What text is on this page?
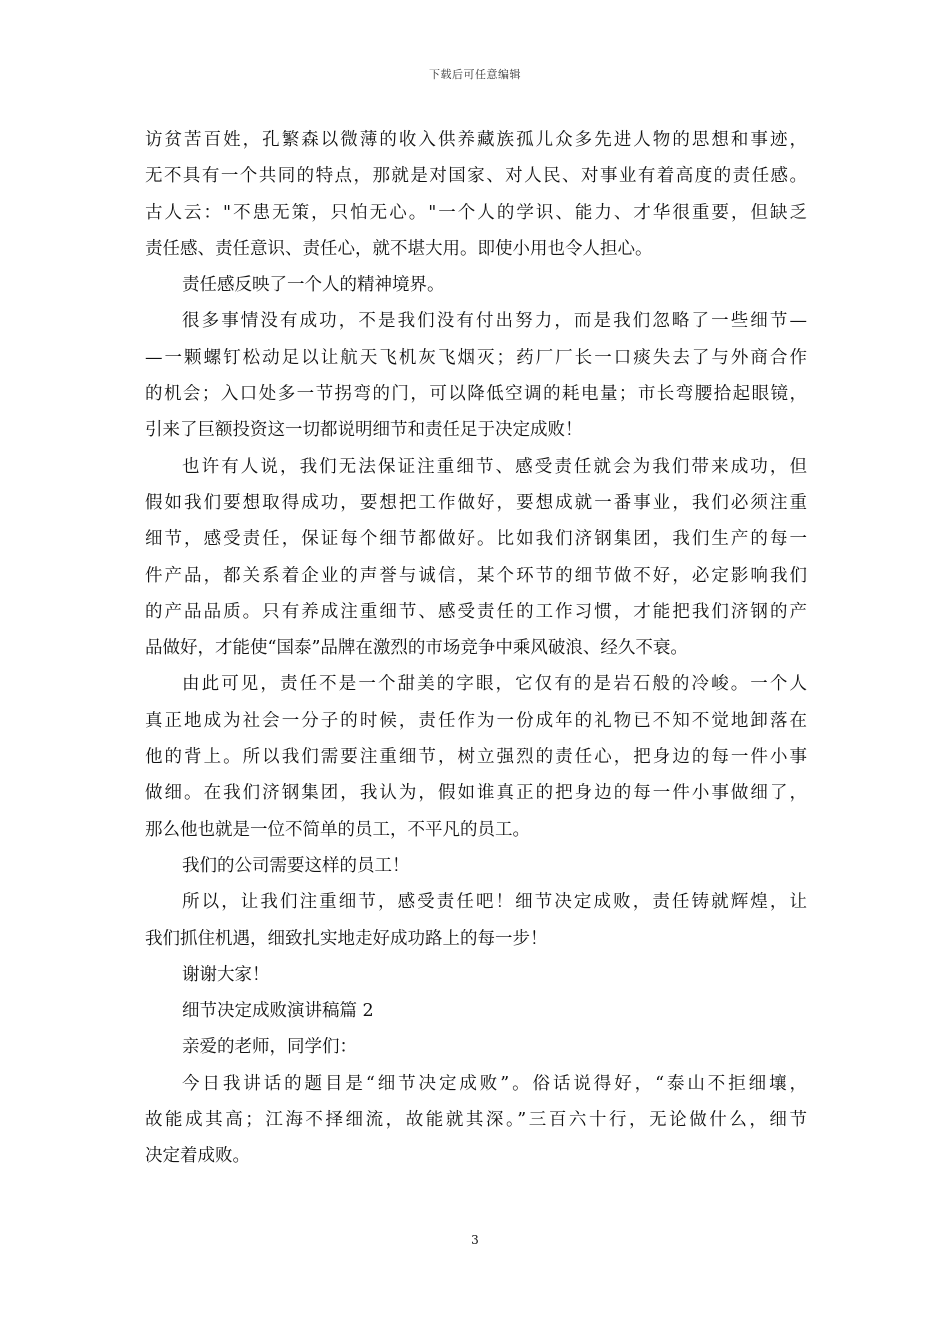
下载后可任意编辑
访贫苦百姓，孔繁森以微薄的收入供养藏族孤儿众多先进人物的思想和事迹，
无不具有一个共同的特点，那就是对国家、对人民、对事业有着高度的责任感。
古人云："不患无策，只怕无心。"一个人的学识、能力、才华很重要，但缺乏
责任感、责任意识、责任心，就不堪大用。即使小用也令人担心。
责任感反映了一个人的精神境界。
很多事情没有成功，不是我们没有付出努力，而是我们忽略了一些细节—
—一颗螺钉松动足以让航天飞机灰飞烟灭；药厂厂长一口痰失去了与外商合作
的机会；入口处多一节拐弯的门，可以降低空调的耗电量；市长弯腰拾起眼镜，
引来了巨额投资这一切都说明细节和责任足于决定成败！
也许有人说，我们无法保证注重细节、感受责任就会为我们带来成功，但
假如我们要想取得成功，要想把工作做好，要想成就一番事业，我们必须注重
细节，感受责任，保证每个细节都做好。比如我们济钢集团，我们生产的每一
件产品，都关系着企业的声誉与诚信，某个环节的细节做不好，必定影响我们
的产品品质。只有养成注重细节、感受责任的工作习惯，才能把我们济钢的产
品做好，才能使“国泰”品牌在激烈的市场竞争中乘风破浪、经久不衰。
由此可见，责任不是一个甜美的字眼，它仅有的是岩石般的冷峻。一个人
真正地成为社会一分子的时候，责任作为一份成年的礼物已不知不觉地卸落在
他的背上。所以我们需要注重细节，树立强烈的责任心，把身边的每一件小事
做细。在我们济钢集团，我认为，假如谁真正的把身边的每一件小事做细了，
那么他也就是一位不简单的员工，不平凡的员工。
我们的公司需要这样的员工！
所以，让我们注重细节，感受责任吧！细节决定成败，责任铸就辉煌，让
我们抓住机遇，细致扎实地走好成功路上的每一步！
谢谢大家！
细节决定成败演讲稿篇 2
亲爱的老师，同学们：
今日我讲话的题目是“细节决定成败”。俗话说得好，“泰山不拒细壤，
故能成其高；江海不择细流，故能就其深。”三百六十行，无论做什么，细节
决定着成败。
3
